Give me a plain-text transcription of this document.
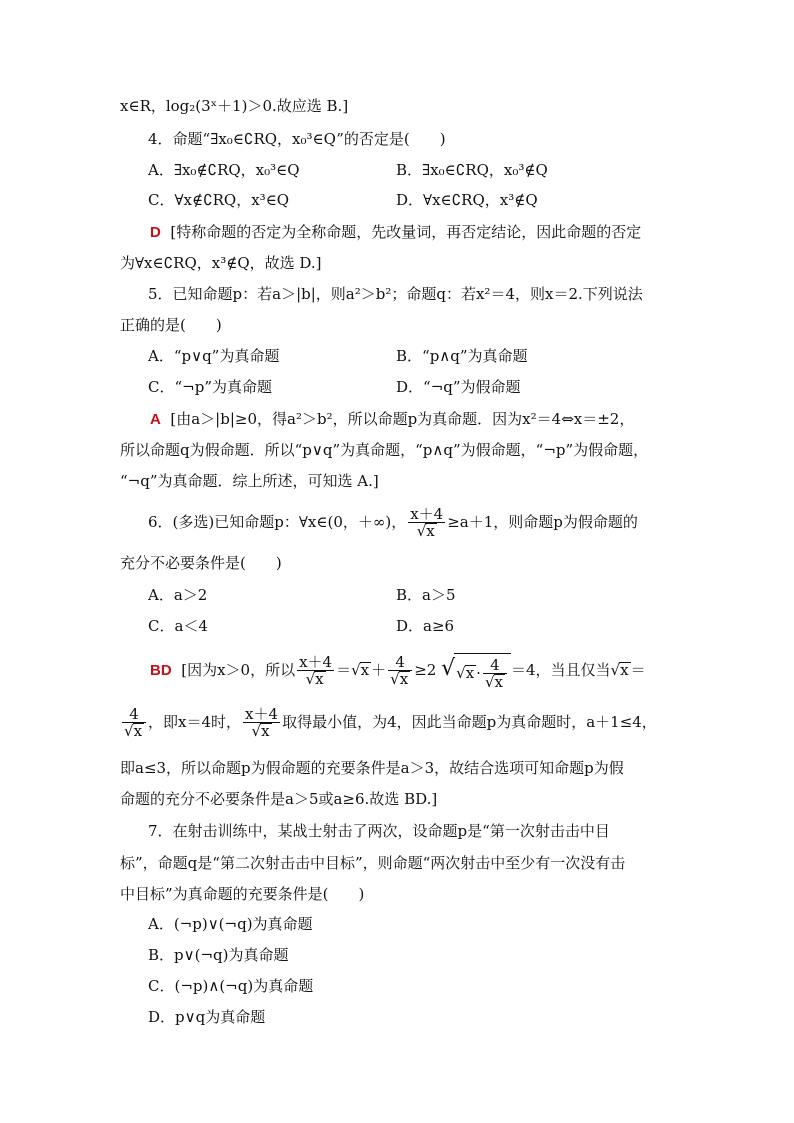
x∈R，log₂(3ˣ＋1)＞0.故应选 B.]
4．命题“∃x₀∈∁RQ，x₀³∈Q”的否定是(　　)
A．∃x₀∉∁RQ，x₀³∈Q	B．∃x₀∈∁RQ，x₀³∉Q
C．∀x∉∁RQ，x³∈Q	D．∀x∈∁RQ，x³∉Q
D [特称命题的否定为全称命题，先改量词，再否定结论，因此命题的否定
为∀x∈∁RQ，x³∉Q，故选 D.]
5．已知命题p：若a＞|b|，则a²＞b²；命题q：若x²＝4，则x＝2.下列说法
正确的是(　　)
A．“p∨q”为真命题	B．“p∧q”为真命题
C．“¬p”为真命题	D．“¬q”为假命题
A [由a＞|b|≥0，得a²＞b²，所以命题p为真命题．因为x²＝4⇔x＝±2，
所以命题q为假命题．所以“p∨q”为真命题，“p∧q”为假命题，“¬p”为假命题，
“¬q”为真命题．综上所述，可知选 A.]
6．(多选)已知命题p：∀x∈(0，＋∞)， $\frac{x+4}{√x} \ge a+1$，则命题p为假命题的
充分不必要条件是(　　)
A．a＞2	B．a＞5
C．a＜4	D．a≥6
BD [因为x＞0，所以 $\frac{x+4}{√x} =√x + \frac{4}{√x} \ge 2$ $√√x \cdot \frac{4}{√x} =4$，当且仅当√x ＝
$\frac{4}{√x}$ ，即x＝4时， $\frac{x+4}{√x}$ 取得最小值，为4，因此当命题p为真命题时，a＋1≤4，
即a≤3，所以命题p为假命题的充要条件是a＞3，故结合选项可知命题p为假
命题的充分不必要条件是a＞5或a≥6.故选 BD.]
7．在射击训练中，某战士射击了两次，设命题p是“第一次射击击中目
标”，命题q是“第二次射击击中目标”，则命题“两次射击中至少有一次没有击
中目标”为真命题的充要条件是(　　)
A．(¬p)∨(¬q)为真命题
B．p∨(¬q)为真命题
C．(¬p)∧(¬q)为真命题
D．p∨q为真命题
